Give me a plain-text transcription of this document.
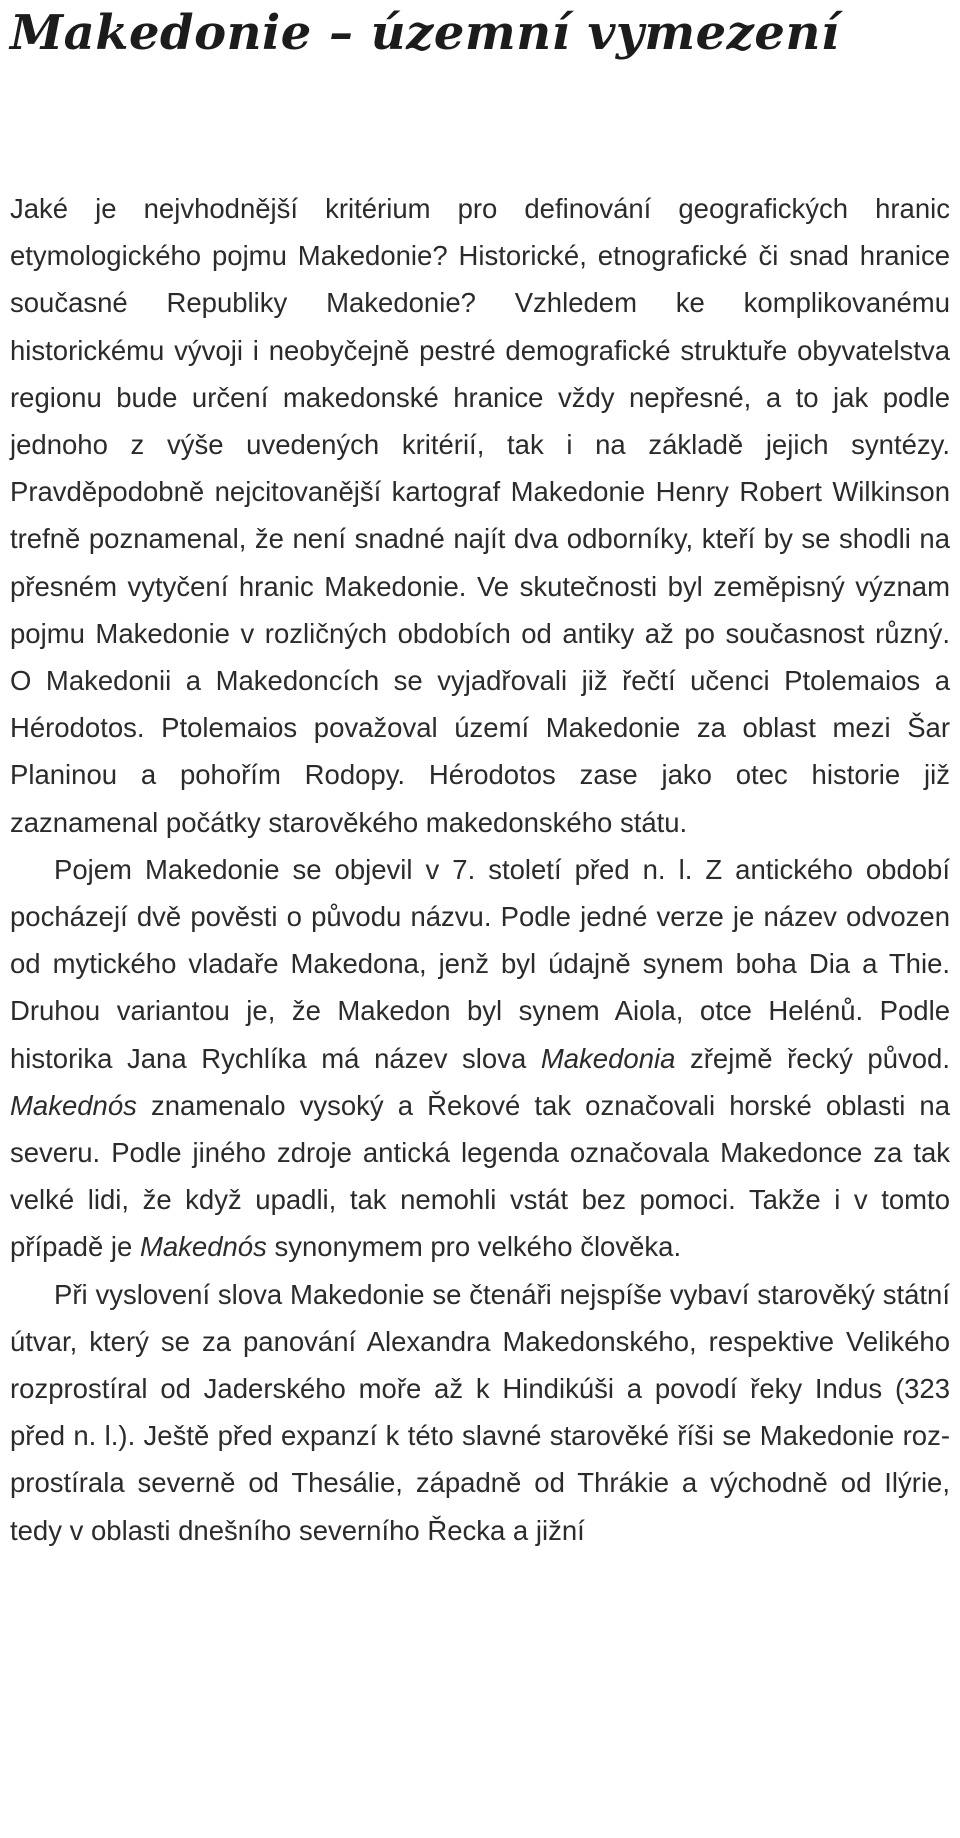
Makedonie – územní vymezení

Jaké je nejvhodnější kritérium pro definování geografických hranic etymologického pojmu Makedonie? Historické, etnografické či snad hranice současné Republiky Makedonie? Vzhledem ke komplikovanému historickému vývoji i neobyčejně pestré demografické struktuře obyvatelstva regionu bude určení makedonské hranice vždy nepřesné, a to jak podle jednoho z výše uvedených kritérií, tak i na základě jejich syntézy. Pravděpodobně nejcitovanější kartograf Makedonie Henry Robert Wilkinson trefně poznamenal, že není snadné najít dva odborníky, kteří by se shodli na přesném vytyčení hranic Makedonie. Ve skutečnosti byl zeměpisný význam pojmu Makedonie v rozličných obdobích od antiky až po současnost různý. O Makedonii a Makedoncích se vyjadřovali již řečtí učenci Ptolemaios a Hérodotos. Ptolemaios považoval území Makedonie za oblast mezi Šar Planinou a pohořím Rodopy. Hérodotos zase jako otec historie již zaznamenal počátky starověkého makedonského státu.

Pojem Makedonie se objevil v 7. století před n. l. Z antického období pocházejí dvě pověsti o původu názvu. Podle jedné verze je název odvozen od mytického vladaře Makedona, jenž byl údajně synem boha Dia a Thie. Druhou variantou je, že Makedon byl synem Aiola, otce Helénů. Podle historika Jana Rychlíka má název slova Makedonia zřejmě řecký původ. Makednós znamenalo vysoký a Řekové tak označovali horské oblasti na severu. Podle jiného zdroje antická legenda označovala Makedonce za tak velké lidi, že když upadli, tak nemohli vstát bez pomoci. Takže i v tomto případě je Makednós synonymem pro velkého člověka.

Při vyslovení slova Makedonie se čtenáři nejspíše vybaví starověký státní útvar, který se za panování Alexandra Makedonského, respektive Velikého rozprostíral od Jaderského moře až k Hindikúši a povodí řeky Indus (323 před n. l.). Ještě před expanzí k této slavné starověké říši se Makedonie rozprostírala severně od Thesálie, západně od Thrákie a východně od Ilýrie, tedy v oblasti dnešního severního Řecka a jižní
